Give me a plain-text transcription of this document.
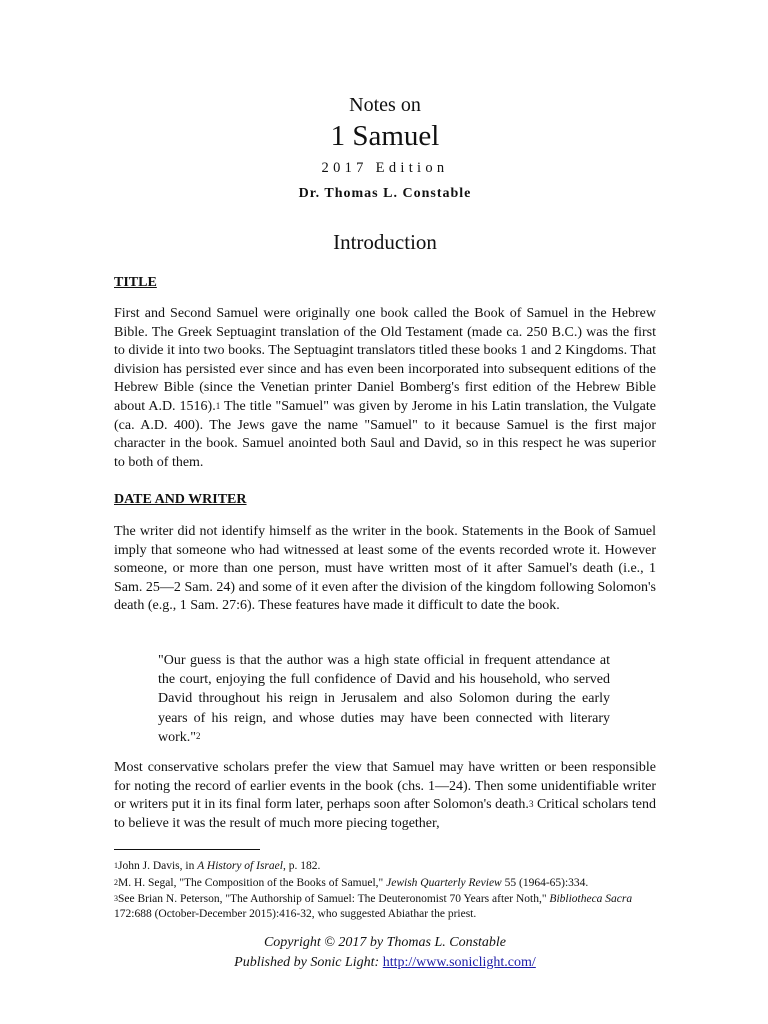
Notes on
1 Samuel
2017 Edition
Dr. Thomas L. Constable
Introduction
TITLE
First and Second Samuel were originally one book called the Book of Samuel in the Hebrew Bible. The Greek Septuagint translation of the Old Testament (made ca. 250 B.C.) was the first to divide it into two books. The Septuagint translators titled these books 1 and 2 Kingdoms. That division has persisted ever since and has even been incorporated into subsequent editions of the Hebrew Bible (since the Venetian printer Daniel Bomberg's first edition of the Hebrew Bible about A.D. 1516).$^1$ The title "Samuel" was given by Jerome in his Latin translation, the Vulgate (ca. A.D. 400). The Jews gave the name "Samuel" to it because Samuel is the first major character in the book. Samuel anointed both Saul and David, so in this respect he was superior to both of them.
DATE AND WRITER
The writer did not identify himself as the writer in the book. Statements in the Book of Samuel imply that someone who had witnessed at least some of the events recorded wrote it. However someone, or more than one person, must have written most of it after Samuel's death (i.e., 1 Sam. 25—2 Sam. 24) and some of it even after the division of the kingdom following Solomon's death (e.g., 1 Sam. 27:6). These features have made it difficult to date the book.
"Our guess is that the author was a high state official in frequent attendance at the court, enjoying the full confidence of David and his household, who served David throughout his reign in Jerusalem and also Solomon during the early years of his reign, and whose duties may have been connected with literary work."$^2$
Most conservative scholars prefer the view that Samuel may have written or been responsible for noting the record of earlier events in the book (chs. 1—24). Then some unidentifiable writer or writers put it in its final form later, perhaps soon after Solomon's death.$^3$ Critical scholars tend to believe it was the result of much more piecing together,
$^1$John J. Davis, in A History of Israel, p. 182.
$^2$M. H. Segal, "The Composition of the Books of Samuel," Jewish Quarterly Review 55 (1964-65):334.
$^3$See Brian N. Peterson, "The Authorship of Samuel: The Deuteronomist 70 Years after Noth," Bibliotheca Sacra 172:688 (October-December 2015):416-32, who suggested Abiathar the priest.
Copyright © 2017 by Thomas L. Constable
Published by Sonic Light: http://www.soniclight.com/
